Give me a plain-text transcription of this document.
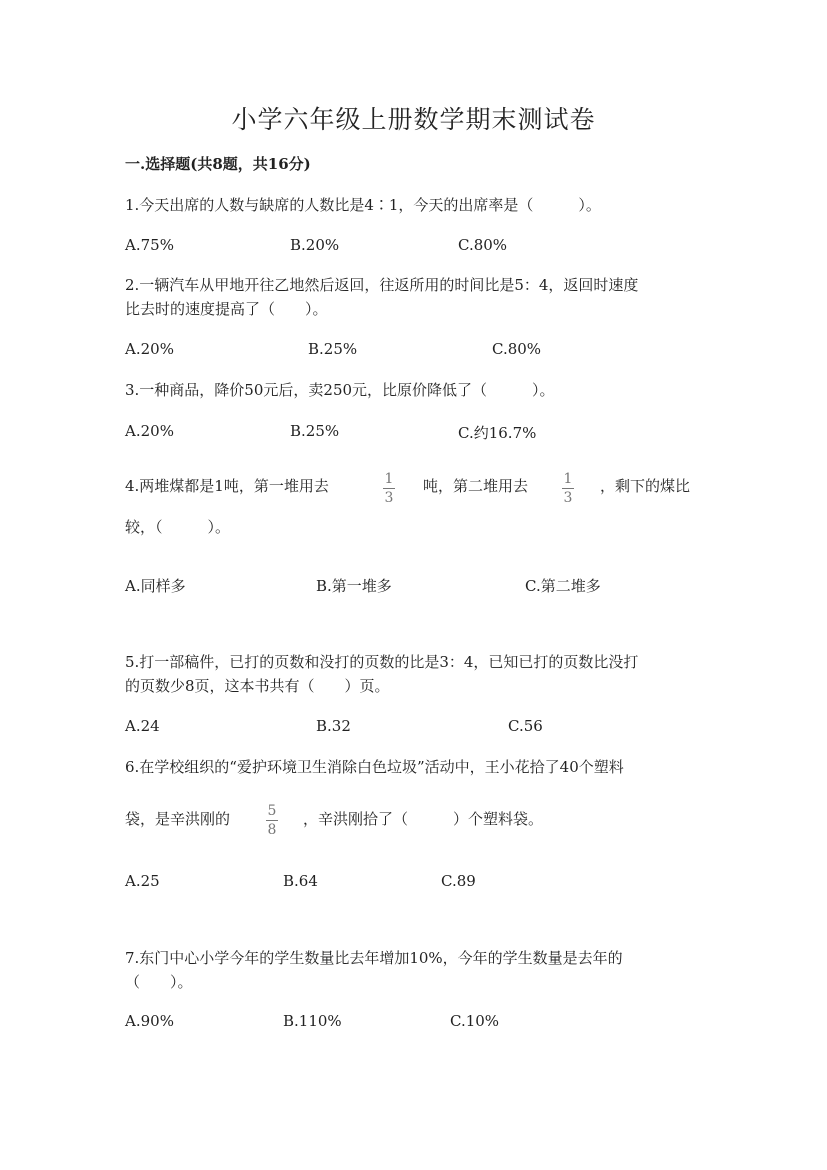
小学六年级上册数学期末测试卷
一.选择题(共8题，共16分)
1.今天出席的人数与缺席的人数比是4∶1，今天的出席率是（　　　）。
A.75%	B.20%	C.80%
2.一辆汽车从甲地开往乙地然后返回，往返所用的时间比是5：4，返回时速度
比去时的速度提高了（　　）。
A.20%	B.25%	C.80%
3.一种商品，降价50元后，卖250元，比原价降低了（　　　）。
A.20%	B.25%	C.约16.7%
4.两堆煤都是1吨，第一堆用去	1
3
吨，第二堆用去	1
3
，剩下的煤比
较，（　　　）。
A.同样多	B.第一堆多	C.第二堆多
5.打一部稿件，已打的页数和没打的页数的比是3：4，已知已打的页数比没打
的页数少8页，这本书共有（　　）页。
A.24	B.32	C.56
6.在学校组织的“爱护环境卫生消除白色垃圾”活动中，王小花拾了40个塑料
袋，是辛洪刚的	5
8
，辛洪刚拾了（　　　）个塑料袋。
A.25	B.64	C.89
7.东门中心小学今年的学生数量比去年增加10%，今年的学生数量是去年的
（　　）。
A.90%	B.110%	C.10%
